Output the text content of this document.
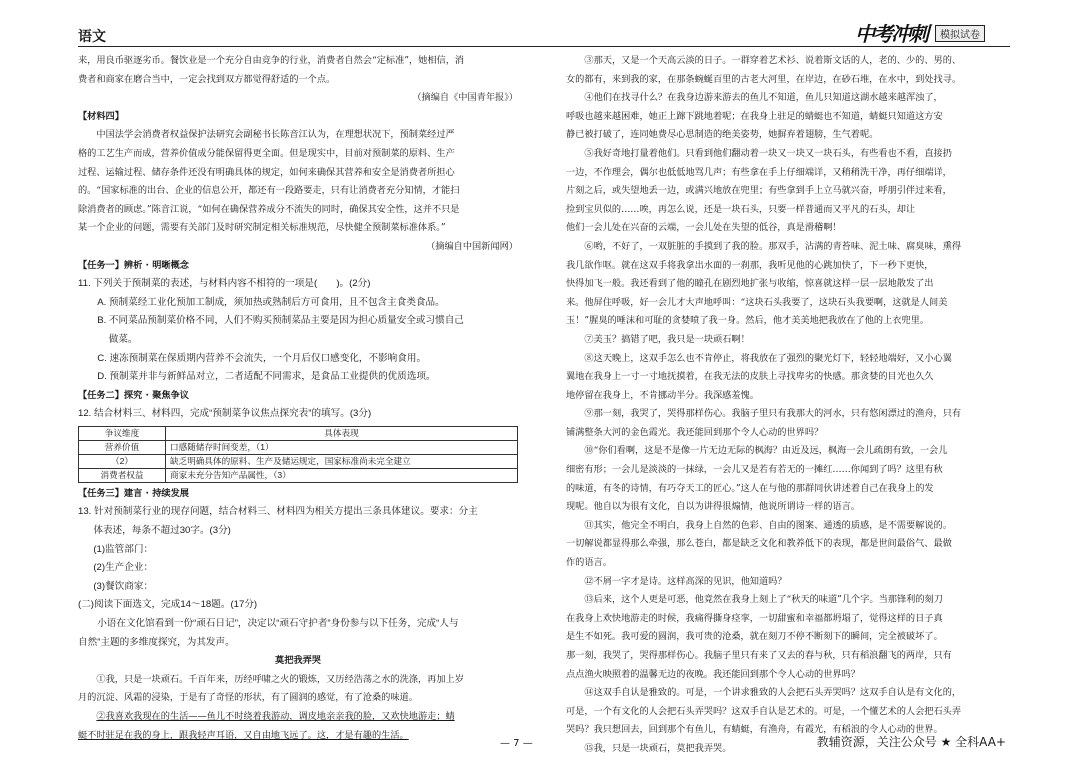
语文	中考冲刺	模拟试卷

来，用良币驱逐劣币。餐饮业是一个充分自由竞争的行业，消费者自然会“定标准”，她相信，消

费者和商家在磨合当中，一定会找到双方都觉得舒适的一个点。

（摘编自《中国青年报》）

【材料四】

中国法学会消费者权益保护法研究会副秘书长陈音江认为，在理想状况下，预制菜经过严

格的工艺生产而成，营养价值成分能保留得更全面。但是现实中，目前对预制菜的原料、生产

过程、运输过程、储存条件还没有明确具体的规定，如何来确保其营养和安全是消费者所担心

的。“国家标准的出台、企业的信息公开，都还有一段路要走，只有让消费者充分知情，才能扫

除消费者的顾虑。”陈音江说，“如何在确保营养成分不流失的同时，确保其安全性，这并不只是

某一个企业的问题，需要有关部门及时研究制定相关标准规范，尽快健全预制菜标准体系。”

（摘编自中国新闻网）

【任务一】辨析 · 明晰概念

11. 下列关于预制菜的表述，与材料内容不相符的一项是(　　)。(2分)

A. 预制菜经工业化预加工制成，须加热或熟制后方可食用，且不包含主食类食品。

B. 不同菜品预制菜价格不同，人们不购买预制菜品主要是因为担心质量安全或习惯自己

做菜。

C. 速冻预制菜在保质期内营养不会流失，一个月后仅口感变化，不影响食用。

D. 预制菜并非与新鲜品对立，二者适配不同需求，是食品工业提供的优质选项。

【任务二】探究 · 聚焦争议

12. 结合材料三、材料四，完成“预制菜争议焦点探究表”的填写。(3分)

争议维度	具体表现
营养价值	口感随储存时间变差，（1）
（2）	缺乏明确具体的原料、生产及储运规定，国家标准尚未完全建立
消费者权益	商家未充分告知产品属性，（3）

【任务三】建言 · 持续发展

13. 针对预制菜行业的现存问题，结合材料三、材料四为相关方提出三条具体建议。要求：分主

体表述，每条不超过30字。(3分)

(1)监管部门：

(2)生产企业：

(3)餐饮商家：

(二)阅读下面选文，完成14～18题。(17分)

小语在文化馆看到一份“顽石日记”，决定以“顽石守护者”身份参与以下任务，完成“人与

自然”主题的多维度探究，为其发声。

莫把我弄哭

①我，只是一块顽石。千百年来，历经呼啸之火的锻炼，又历经浩荡之水的洗涤，再加上岁

月的沉淀、风霜的浸染，于是有了奇怪的形状，有了圆润的感觉，有了沧桑的味道。

②我喜欢我现在的生活——鱼儿不时绕着我游动，调皮地亲亲我的脸，又欢快地游走；蜻

蜓不时驻足在我的身上，跟我轻声耳语，又自由地飞远了。这，才是有趣的生活。

③那天，又是一个天高云淡的日子。一群穿着艺术衫、说着斯文话的人，老的、少的、男的、

女的都有，来到我的家，在那条蜿蜒百里的古老大河里，在岸边，在砂石堆，在水中，到处找寻。

④他们在找寻什么？在我身边游来游去的鱼儿不知道，鱼儿只知道这湖水越来越浑浊了，

呼吸也越来越困难，她正上蹿下跳地着呢；在我身上驻足的蜻蜓也不知道，蜻蜓只知道这方安

静已被打破了，连同她费尽心思制造的绝美姿势，她摒弃着翅膀，生气着呢。

⑤我好奇地打量着他们。只看到他们翻动着一块又一块又一块石头，有些看也不看，直接扔

一边，不作理会，偶尔也低低地骂几声；有些拿在手上仔细端详，又稍稍洗干净，再仔细端详，

片刻之后，或失望地丢一边，或满兴地放在兜里；有些拿到手上立马就兴奋，呼朋引伴过来看，

捡到宝贝似的……唉，再怎么说，还是一块石头，只要一样普通而又平凡的石头，却让

他们一会儿处在兴奋的云端，一会儿处在失望的低谷，真是滑稽啊！

⑥哟，不好了，一双脏脏的手摸到了我的脸。那双手，沾满的青苔味、泥土味、腐臭味，熏得

我几欲作呕。就在这双手将我拿出水面的一刹那，我听见他的心跳加快了，下一秒下更快，

快得加飞一般。我还看到了他的瞳孔在剧烈地扩张与收缩，惊喜就这样一层一层地散发了出

来。他屏住呼吸，好一会儿才大声地呼叫：“这块石头我要了，这块石头我要啊，这就是人间美

玉！”腥臭的唾沫和可耻的贪婪喷了我一身。然后，他才美美地把我放在了他的上衣兜里。

⑦美玉？搞错了吧，我只是一块顽石啊！

⑧这天晚上，这双手怎么也不肯停止，将我放在了强烈的聚光灯下，轻轻地端好，又小心翼

翼地在我身上一寸一寸地抚摸着，在我无法的皮肤上寻找卑劣的快感。那贪婪的目光也久久

地停留在我身上，不肯挪动半分。我深感羞愧。

⑨那一刻，我哭了，哭得那样伤心。我脑子里只有我那大的河水，只有悠闲漂过的渔舟，只有

铺满整条大河的金色霞光。我还能回到那个令人心动的世界吗？

⑩“你们看啊，这是不是像一片无边无际的枫海？由近及远，枫海一会儿疏朗有致，一会儿

细密有形；一会儿是淡淡的一抹绿，一会儿又是若有若无的一摊红……你闻到了吗？这里有秋

的味道，有冬的诗情，有巧夺天工的匠心。”这人在与他的那群同伙讲述着自己在我身上的发

现呢。他自以为很有文化，自以为讲得很煽情，他说所谓诗一样的语言。

⑪其实，他完全不明白，我身上自然的色彩、自由的图案、通透的质感，是不需要解说的。

一切解说都显得那么牵强，那么苍白，都是缺乏文化和教养低下的表现，都是世间最俗气、最做

作的语言。

⑫不屑一字才是诗。这样高深的见识，他知道吗？

⑬后来，这个人更是可恶，他竟然在我身上刻上了“秋天的味道”几个字。当那锋利的刻刀

在我身上欢快地游走的时候，我痛得撕身痉挛，一切甜蜜和幸福都坍塌了，觉得这样的日子真

是生不如死。我可爱的圆润，我可贵的沧桑，就在刻刀不停不断刻下的瞬间，完全被破坏了。

那一刻，我哭了，哭得那样伤心。我脑子里只有来了又去的春与秋，只有稻浪翻飞的两岸，只有

点点渔火映照着的温馨无边的夜晚。我还能回到那个令人心动的世界吗？

⑭这双手自认是雅致的。可是，一个讲求雅致的人会把石头弄哭吗？这双手自认是有文化的，

可是，一个有文化的人会把石头弄哭吗？这双手自认是艺术的。可是，一个懂艺术的人会把石头弄

哭吗？我只想回去，回到那个有鱼儿，有蜻蜓，有渔舟，有霞光，有稻浪的令人心动的世界。

⑮我，只是一块顽石，莫把我弄哭。

— 7 —	教辅资源，关注公众号 ★ 全科AA+
